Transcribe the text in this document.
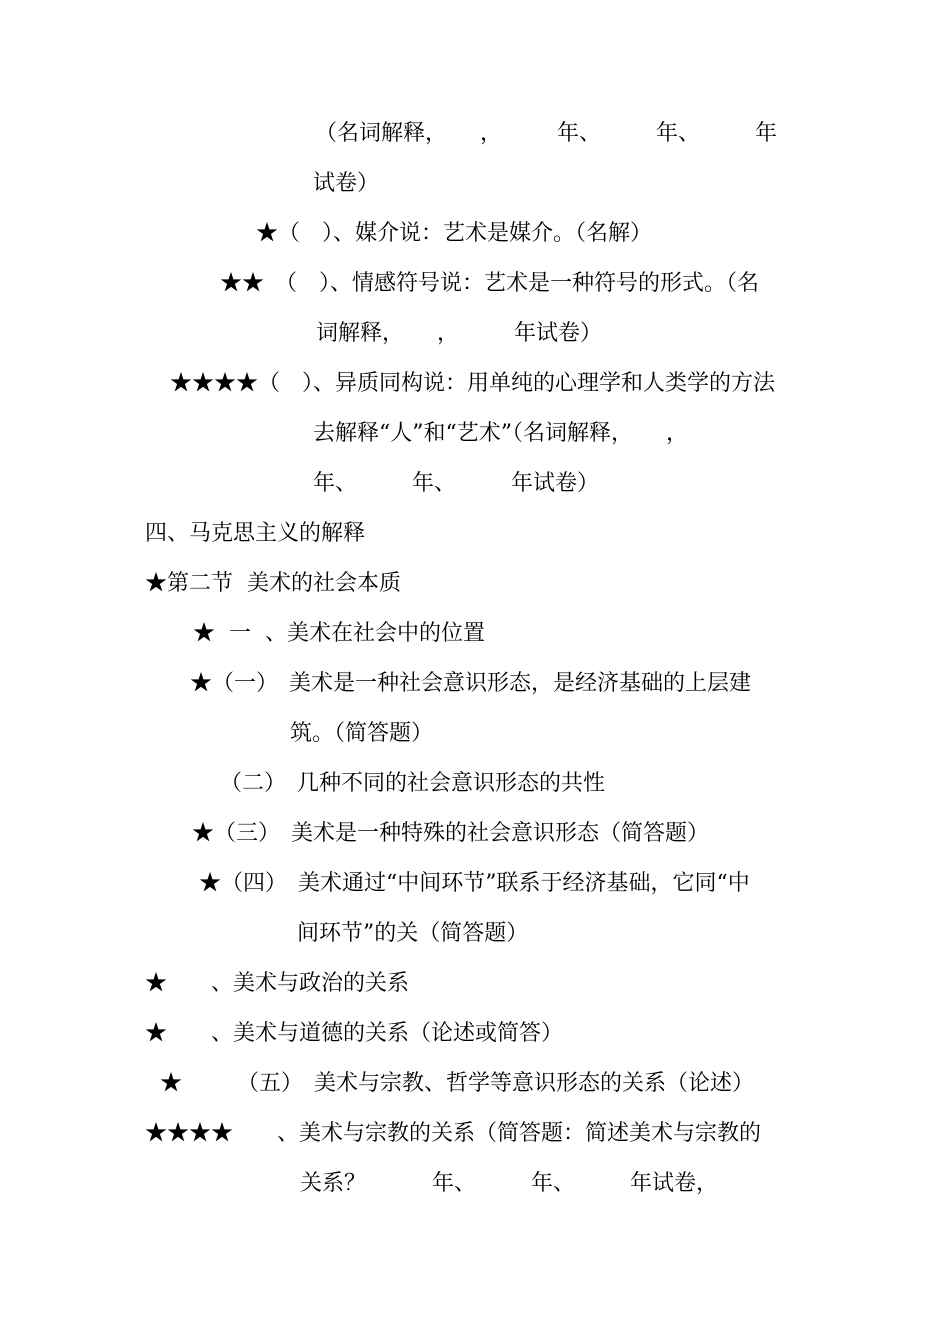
（名词解释，　　，　　　年、　　　年、　　　年
试卷）
★（　）、媒介说：艺术是媒介。（名解）
★★　（　）、情感符号说：艺术是一种符号的形式。（名
词解释，　　，　　　年试卷）
★★★★（　）、异质同构说：用单纯的心理学和人类学的方法
去解释“人”和“艺术”（名词解释，　　，
年、　　　年、　　　年试卷）
四、马克思主义的解释
★第二节  美术的社会本质
★  一  、美术在社会中的位置
★（一）　美术是一种社会意识形态，是经济基础的上层建
筑。（简答题）
（二）　几种不同的社会意识形态的共性
★（三）　美术是一种特殊的社会意识形态（简答题）
★（四）　美术通过“中间环节”联系于经济基础，它同“中
间环节”的关（简答题）
★　　、美术与政治的关系
★　　、美术与道德的关系（论述或简答）
★　　　（五）　美术与宗教、哲学等意识形态的关系（论述）
★★★★　　、美术与宗教的关系（简答题：简述美术与宗教的
关系？　　　年、　　　年、　　　年试卷，
